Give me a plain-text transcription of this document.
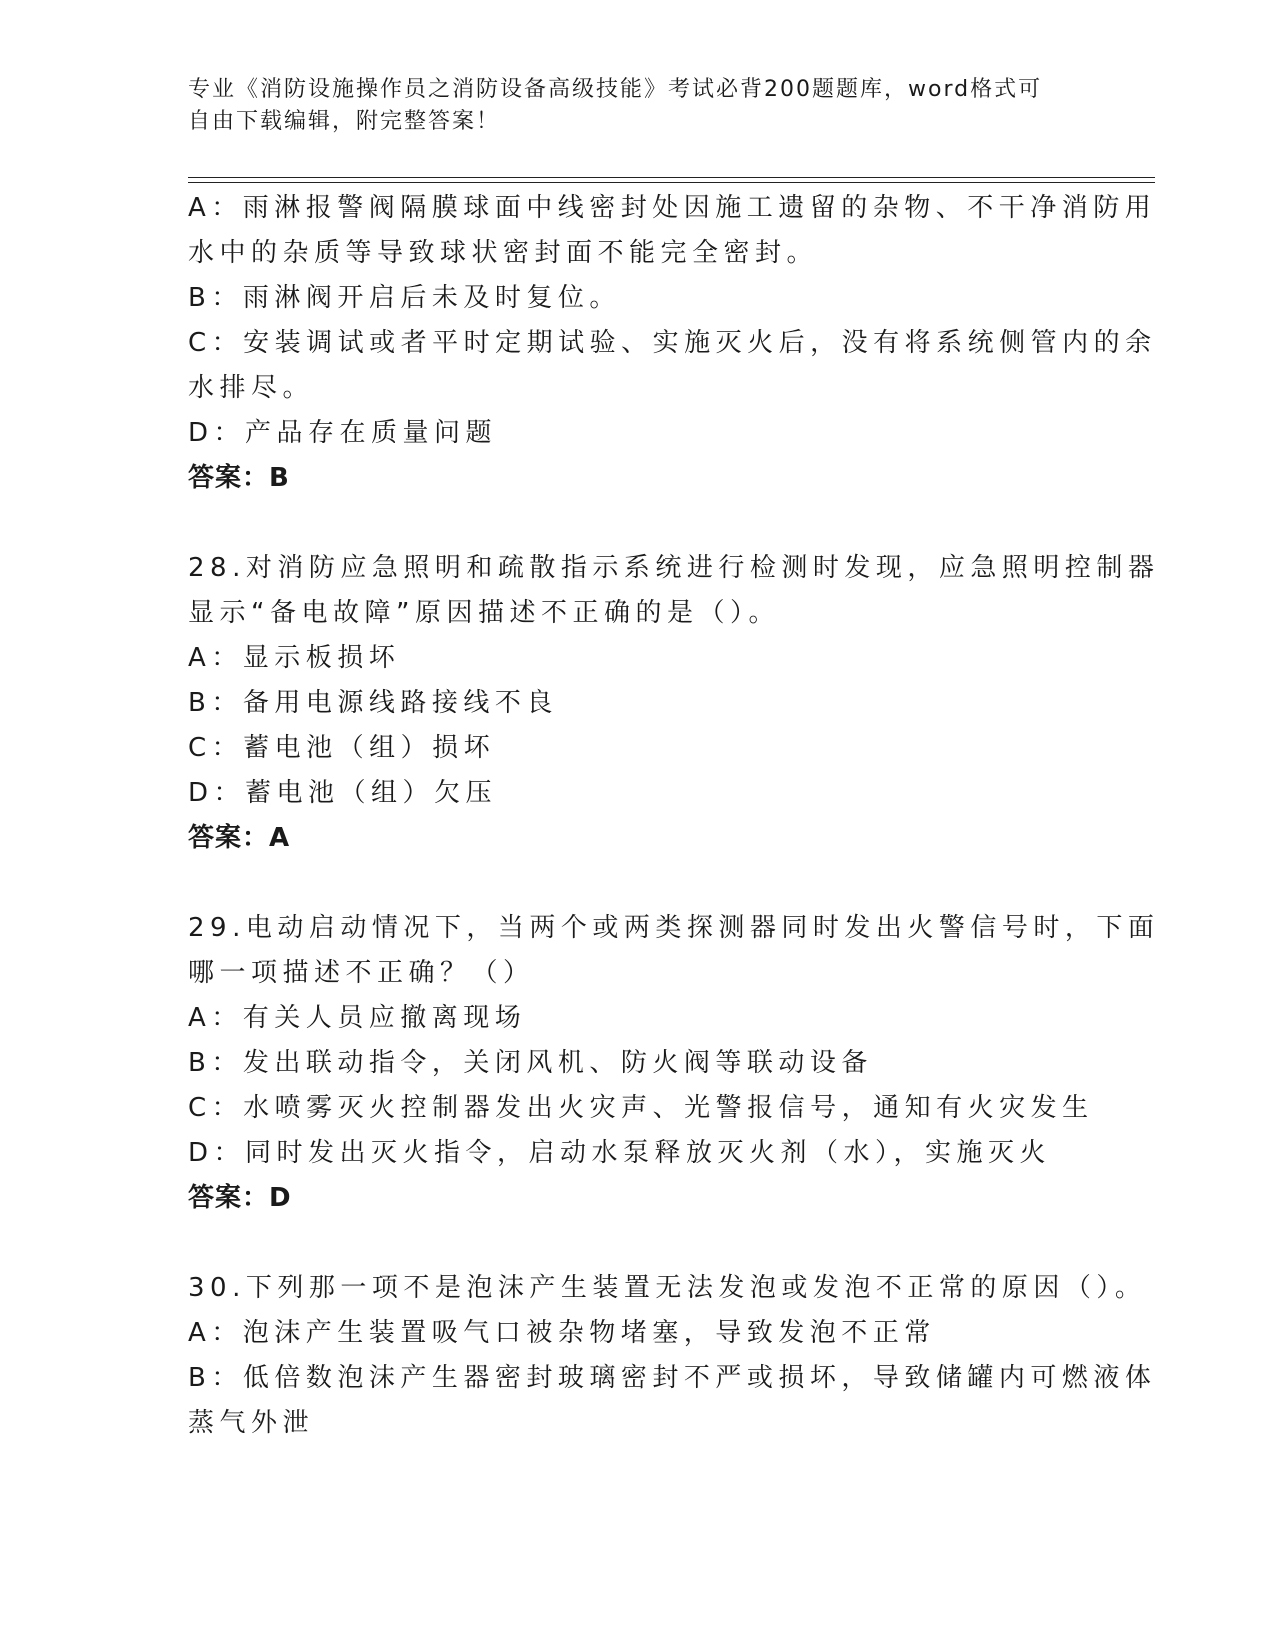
专业《消防设施操作员之消防设备高级技能》考试必背200题题库，word格式可
自由下载编辑，附完整答案！
A：雨淋报警阀隔膜球面中线密封处因施工遗留的杂物、不干净消防用
水中的杂质等导致球状密封面不能完全密封。
B：雨淋阀开启后未及时复位。
C：安装调试或者平时定期试验、实施灭火后，没有将系统侧管内的余
水排尽。
D：产品存在质量问题
答案：B
28.对消防应急照明和疏散指示系统进行检测时发现，应急照明控制器
显示“备电故障”原因描述不正确的是（）。
A：显示板损坏
B：备用电源线路接线不良
C：蓄电池（组）损坏
D：蓄电池（组）欠压
答案：A
29.电动启动情况下，当两个或两类探测器同时发出火警信号时，下面
哪一项描述不正确？（）
A：有关人员应撤离现场
B：发出联动指令，关闭风机、防火阀等联动设备
C：水喷雾灭火控制器发出火灾声、光警报信号，通知有火灾发生
D：同时发出灭火指令，启动水泵释放灭火剂（水），实施灭火
答案：D
30.下列那一项不是泡沫产生装置无法发泡或发泡不正常的原因（）。
A：泡沫产生装置吸气口被杂物堵塞，导致发泡不正常
B：低倍数泡沫产生器密封玻璃密封不严或损坏，导致储罐内可燃液体
蒸气外泄
